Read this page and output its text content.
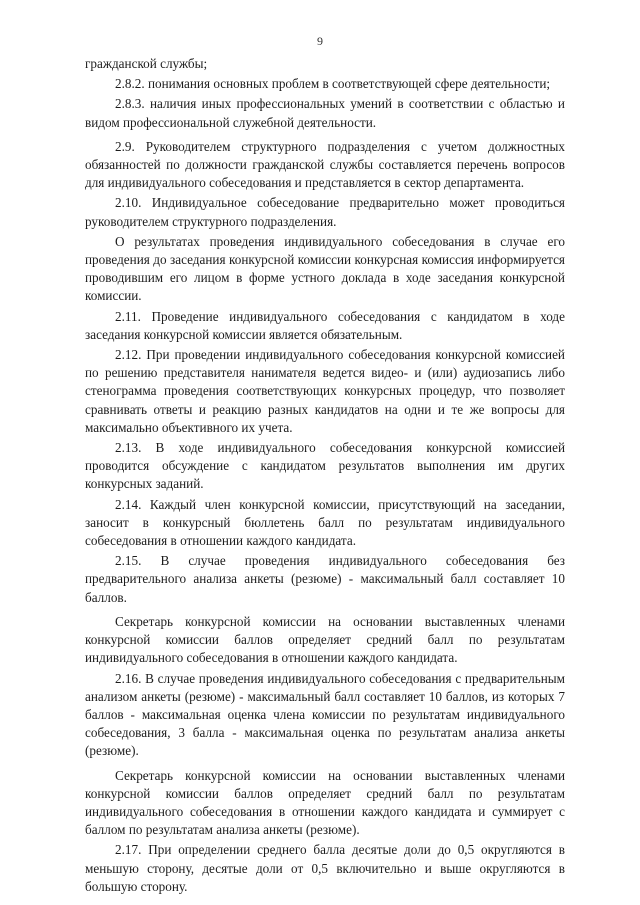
9

гражданской службы;

2.8.2. понимания основных проблем в соответствующей сфере деятельности;

2.8.3. наличия иных профессиональных умений в соответствии с областью и видом профессиональной служебной деятельности.

2.9. Руководителем структурного подразделения с учетом должностных обязанностей по должности гражданской службы составляется перечень вопросов для индивидуального собеседования и представляется в сектор департамента.

2.10. Индивидуальное собеседование предварительно может проводиться руководителем структурного подразделения.

О результатах проведения индивидуального собеседования в случае его проведения до заседания конкурсной комиссии конкурсная комиссия информируется проводившим его лицом в форме устного доклада в ходе заседания конкурсной комиссии.

2.11. Проведение индивидуального собеседования с кандидатом в ходе заседания конкурсной комиссии является обязательным.

2.12. При проведении индивидуального собеседования конкурсной комиссией по решению представителя нанимателя ведется видео- и (или) аудиозапись либо стенограмма проведения соответствующих конкурсных процедур, что позволяет сравнивать ответы и реакцию разных кандидатов на одни и те же вопросы для максимально объективного их учета.

2.13. В ходе индивидуального собеседования конкурсной комиссией проводится обсуждение с кандидатом результатов выполнения им других конкурсных заданий.

2.14. Каждый член конкурсной комиссии, присутствующий на заседании, заносит в конкурсный бюллетень балл по результатам индивидуального собеседования в отношении каждого кандидата.

2.15. В случае проведения индивидуального собеседования без предварительного анализа анкеты (резюме) - максимальный балл составляет 10 баллов.

Секретарь конкурсной комиссии на основании выставленных членами конкурсной комиссии баллов определяет средний балл по результатам индивидуального собеседования в отношении каждого кандидата.

2.16. В случае проведения индивидуального собеседования с предварительным анализом анкеты (резюме) - максимальный балл составляет 10 баллов, из которых 7 баллов - максимальная оценка члена комиссии по результатам индивидуального собеседования, 3 балла - максимальная оценка по результатам анализа анкеты (резюме).

Секретарь конкурсной комиссии на основании выставленных членами конкурсной комиссии баллов определяет средний балл по результатам индивидуального собеседования в отношении каждого кандидата и суммирует с баллом по результатам анализа анкеты (резюме).

2.17. При определении среднего балла десятые доли до 0,5 округляются в меньшую сторону, десятые доли от 0,5 включительно и выше округляются в большую сторону.
